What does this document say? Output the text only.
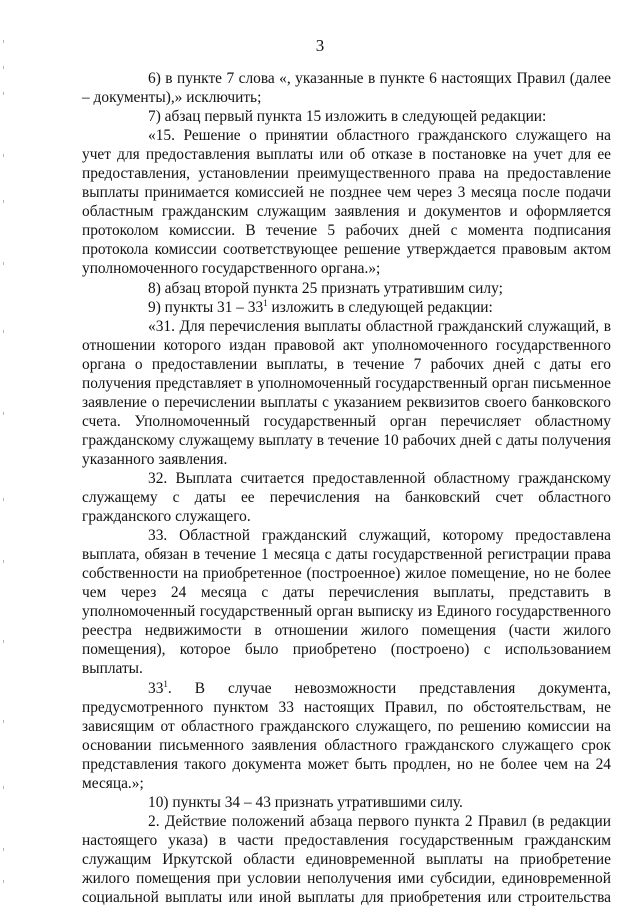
3

6) в пункте 7 слова «, указанные в пункте 6 настоящих Правил (далее – документы),» исключить;

7) абзац первый пункта 15 изложить в следующей редакции:

«15. Решение о принятии областного гражданского служащего на учет для предоставления выплаты или об отказе в постановке на учет для ее предоставления, установлении преимущественного права на предоставление выплаты принимается комиссией не позднее чем через 3 месяца после подачи областным гражданским служащим заявления и документов и оформляется протоколом комиссии. В течение 5 рабочих дней с момента подписания протокола комиссии соответствующее решение утверждается правовым актом уполномоченного государственного органа.»;

8) абзац второй пункта 25 признать утратившим силу;

9) пункты $31 - 33^1$ изложить в следующей редакции:

«31. Для перечисления выплаты областной гражданский служащий, в отношении которого издан правовой акт уполномоченного государственного органа о предоставлении выплаты, в течение 7 рабочих дней с даты его получения представляет в уполномоченный государственный орган письменное заявление о перечислении выплаты с указанием реквизитов своего банковского счета. Уполномоченный государственный орган перечисляет областному гражданскому служащему выплату в течение 10 рабочих дней с даты получения указанного заявления.

32. Выплата считается предоставленной областному гражданскому служащему с даты ее перечисления на банковский счет областного гражданского служащего.

33. Областной гражданский служащий, которому предоставлена выплата, обязан в течение 1 месяца с даты государственной регистрации права собственности на приобретенное (построенное) жилое помещение, но не более чем через 24 месяца с даты перечисления выплаты, представить в уполномоченный государственный орган выписку из Единого государственного реестра недвижимости в отношении жилого помещения (части жилого помещения), которое было приобретено (построено) с использованием выплаты.

$33^1$. В случае невозможности представления документа, предусмотренного пунктом 33 настоящих Правил, по обстоятельствам, не зависящим от областного гражданского служащего, по решению комиссии на основании письменного заявления областного гражданского служащего срок представления такого документа может быть продлен, но не более чем на 24 месяца.»;

10) пункты 34 – 43 признать утратившими силу.

2. Действие положений абзаца первого пункта 2 Правил (в редакции настоящего указа) в части предоставления государственным гражданским служащим Иркутской области единовременной выплаты на приобретение жилого помещения при условии неполучения ими субсидии, единовременной социальной выплаты или иной выплаты для приобретения или строительства
